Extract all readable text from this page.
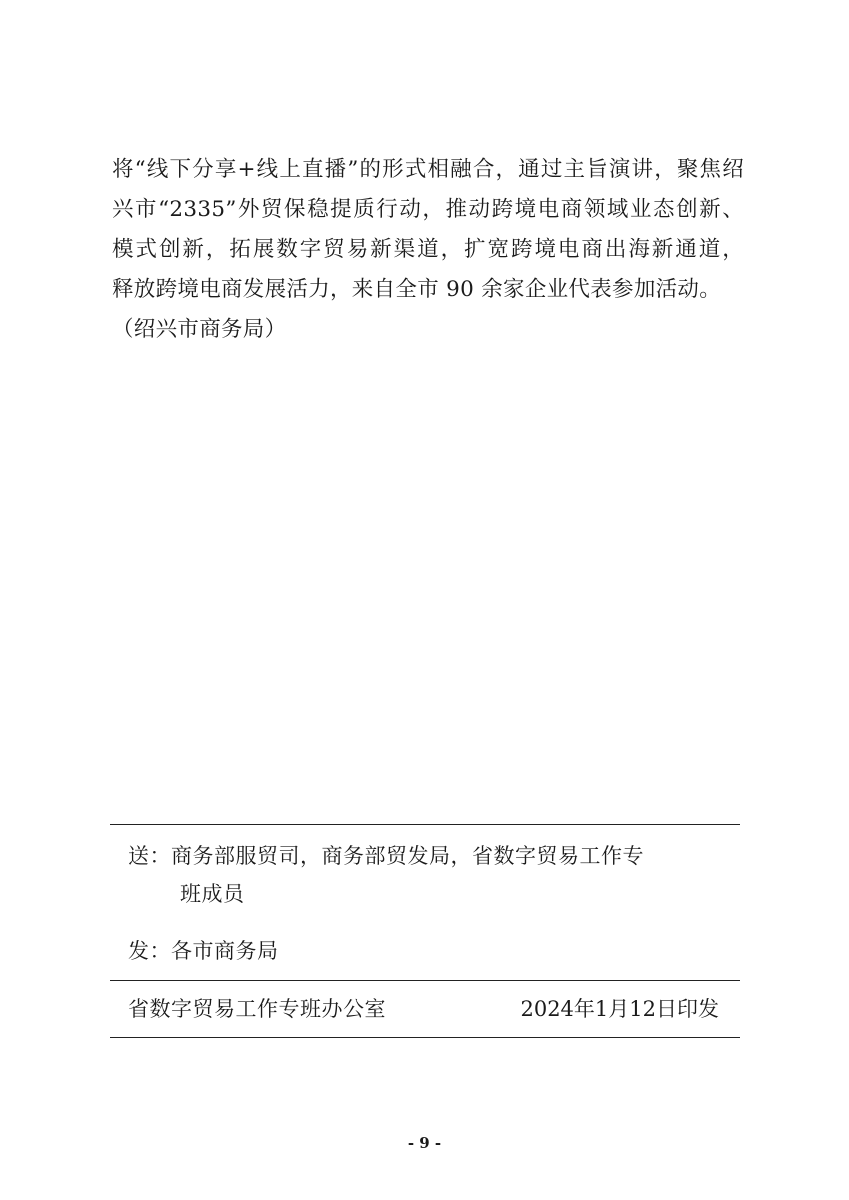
将“线下分享+线上直播”的形式相融合，通过主旨演讲，聚焦绍
兴市“2335”外贸保稳提质行动，推动跨境电商领域业态创新、
模式创新，拓展数字贸易新渠道，扩宽跨境电商出海新通道，
释放跨境电商发展活力，来自全市 90 余家企业代表参加活动。
（绍兴市商务局）
送：商务部服贸司，商务部贸发局，省数字贸易工作专
班成员
发：各市商务局
省数字贸易工作专班办公室	2024年1月12日印发
- 9 -
